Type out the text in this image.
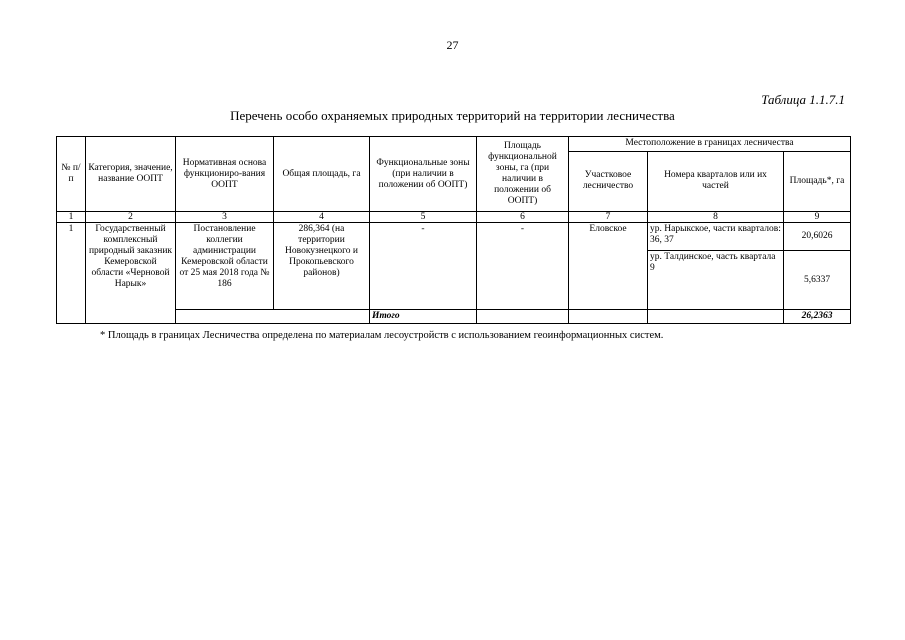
27
Таблица 1.1.7.1
Перечень особо охраняемых природных территорий на территории лесничества
№ п/п	Категория, значение, название ООПТ	Нормативная основа функциониро-вания ООПТ	Общая площадь, га	Функциональные зоны (при наличии в положении об ООПТ)	Площадь функциональной зоны, га (при наличии в положении об ООПТ)	Местоположение в границах лесничества		
						Участковое лесничество	Номера кварталов или их частей	Площадь*, га
1	2	3	4	5	6	7	8	9
1	Государственный комплексный природный заказник Кемеровской области «Черновой Нарык»	Постановление коллегии администрации Кемеровской области от 25 мая 2018 года № 186	286,364 (на территории Новокузнецкого и Прокопьевского районов)	-	-	Еловское	ур. Нарыкское, части кварталов: 36, 37	20,6026
							ур. Талдинское, часть квартала 9	5,6337
				Итого				26,2363
* Площадь в границах Лесничества определена по материалам лесоустройств с использованием геоинформационных систем.
